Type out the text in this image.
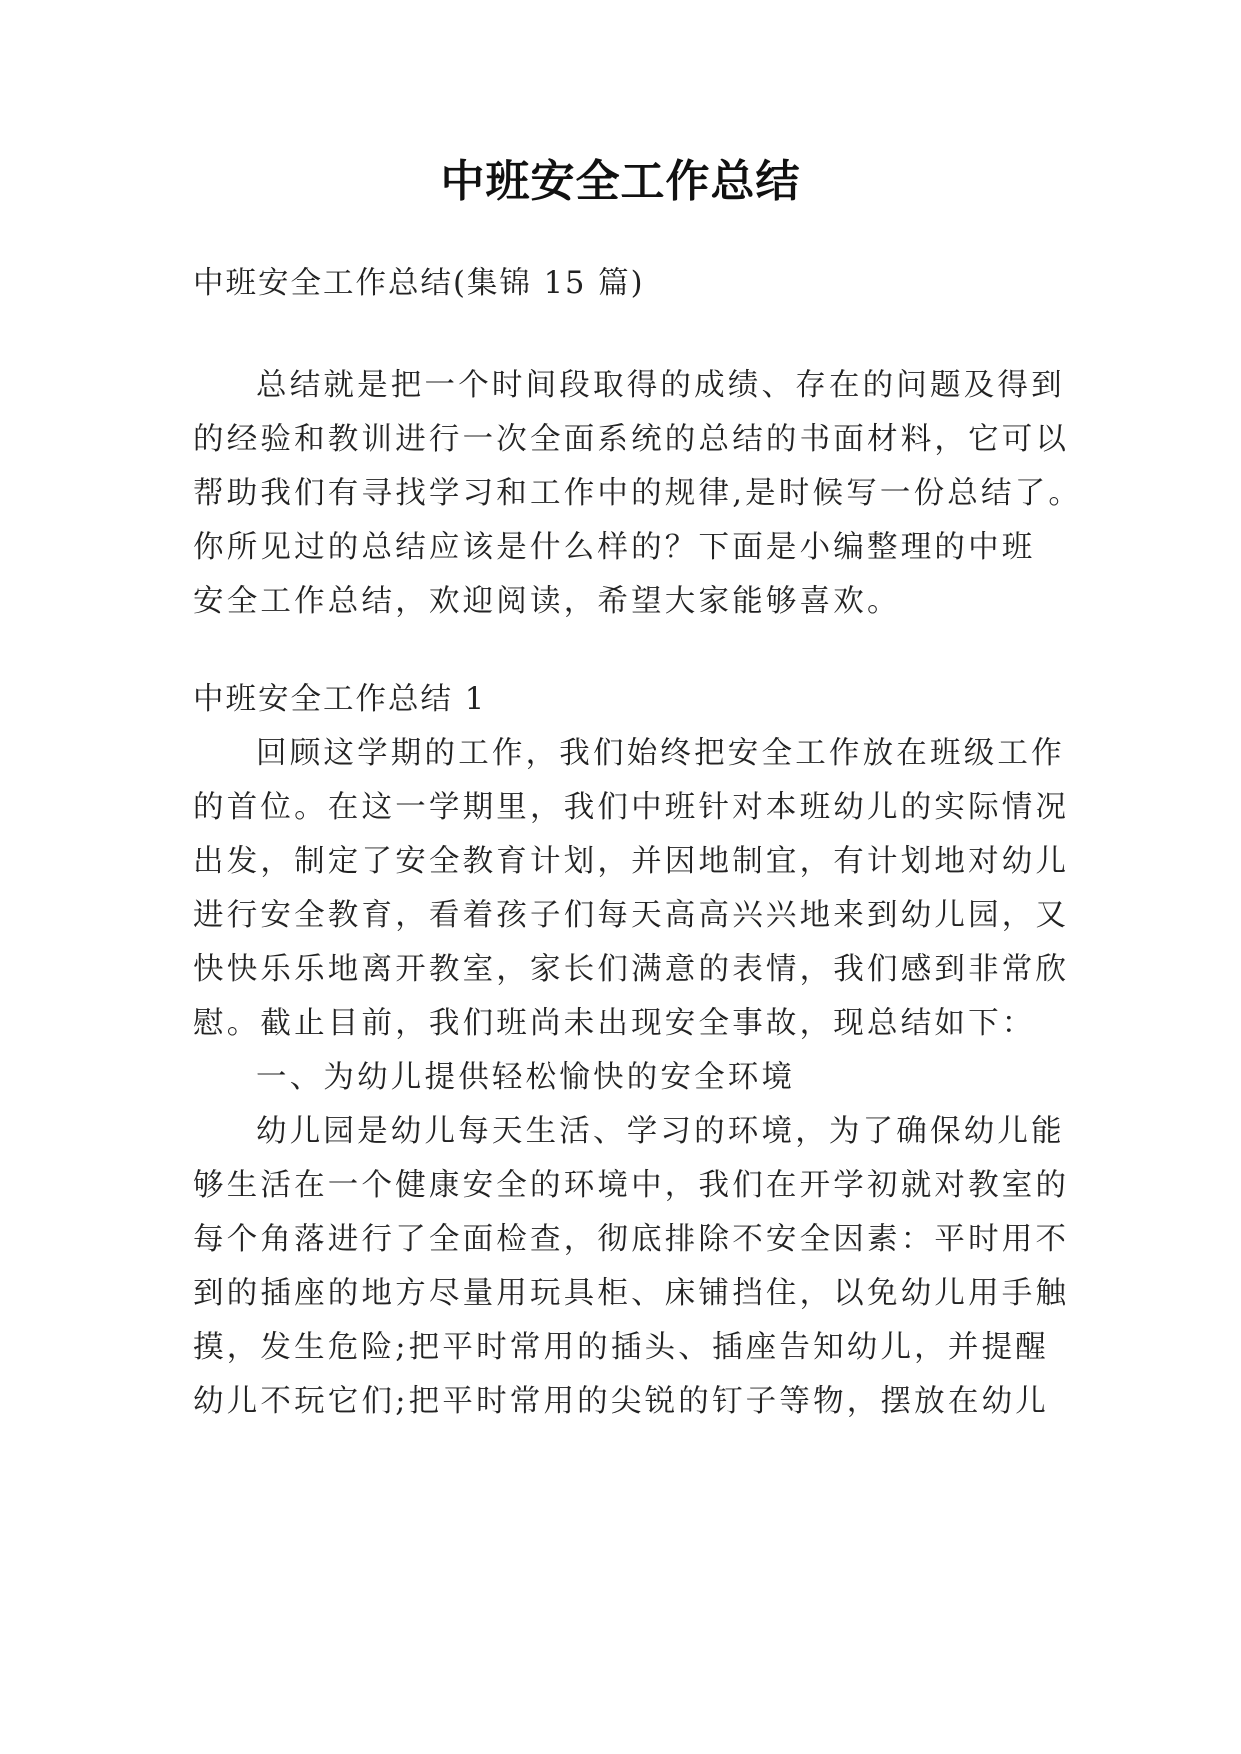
中班安全工作总结

中班安全工作总结(集锦 15 篇)

总结就是把一个时间段取得的成绩、存在的问题及得到

的经验和教训进行一次全面系统的总结的书面材料，它可以

帮助我们有寻找学习和工作中的规律,是时候写一份总结了。

你所见过的总结应该是什么样的？下面是小编整理的中班

安全工作总结，欢迎阅读，希望大家能够喜欢。

中班安全工作总结 1

回顾这学期的工作，我们始终把安全工作放在班级工作

的首位。在这一学期里，我们中班针对本班幼儿的实际情况

出发，制定了安全教育计划，并因地制宜，有计划地对幼儿

进行安全教育，看着孩子们每天高高兴兴地来到幼儿园，又

快快乐乐地离开教室，家长们满意的表情，我们感到非常欣

慰。截止目前，我们班尚未出现安全事故，现总结如下：

一、为幼儿提供轻松愉快的安全环境

幼儿园是幼儿每天生活、学习的环境，为了确保幼儿能

够生活在一个健康安全的环境中，我们在开学初就对教室的

每个角落进行了全面检查，彻底排除不安全因素：平时用不

到的插座的地方尽量用玩具柜、床铺挡住，以免幼儿用手触

摸，发生危险;把平时常用的插头、插座告知幼儿，并提醒

幼儿不玩它们;把平时常用的尖锐的钉子等物，摆放在幼儿
